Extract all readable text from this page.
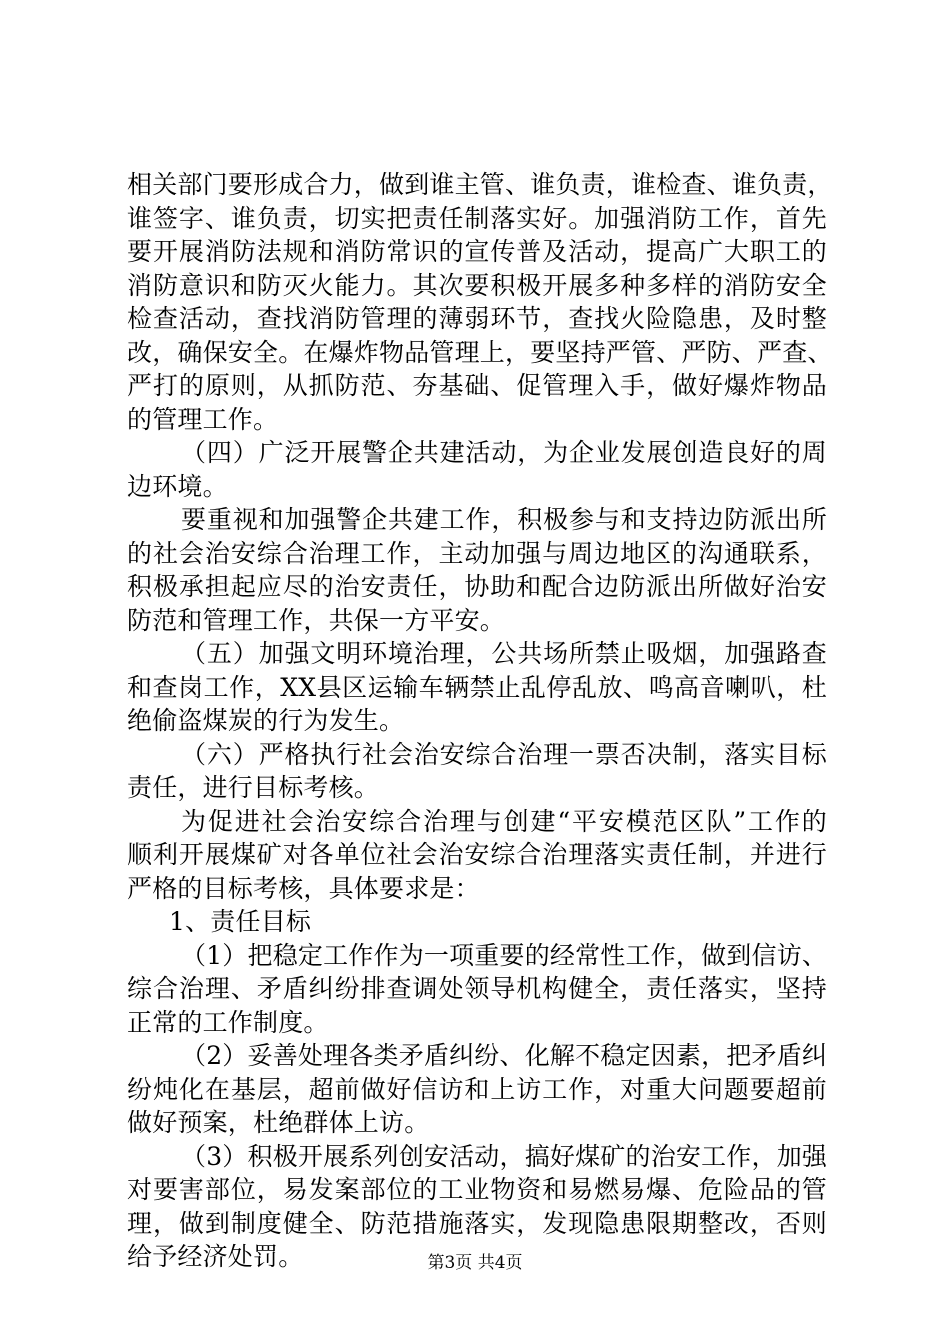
相关部门要形成合力，做到谁主管、谁负责，谁检查、谁负责，
谁签字、谁负责，切实把责任制落实好。加强消防工作，首先
要开展消防法规和消防常识的宣传普及活动，提高广大职工的
消防意识和防灭火能力。其次要积极开展多种多样的消防安全
检查活动，查找消防管理的薄弱环节，查找火险隐患，及时整
改，确保安全。在爆炸物品管理上，要坚持严管、严防、严查、
严打的原则，从抓防范、夯基础、促管理入手，做好爆炸物品
的管理工作。
（四）广泛开展警企共建活动，为企业发展创造良好的周
边环境。
要重视和加强警企共建工作，积极参与和支持边防派出所
的社会治安综合治理工作，主动加强与周边地区的沟通联系，
积极承担起应尽的治安责任，协助和配合边防派出所做好治安
防范和管理工作，共保一方平安。
（五）加强文明环境治理，公共场所禁止吸烟，加强路查
和查岗工作，XX县区运输车辆禁止乱停乱放、鸣高音喇叭，杜
绝偷盗煤炭的行为发生。
（六）严格执行社会治安综合治理一票否决制，落实目标
责任，进行目标考核。
为促进社会治安综合治理与创建“平安模范区队”工作的
顺利开展煤矿对各单位社会治安综合治理落实责任制，并进行
严格的目标考核，具体要求是：
1、责任目标
（1）把稳定工作作为一项重要的经常性工作，做到信访、
综合治理、矛盾纠纷排查调处领导机构健全，责任落实，坚持
正常的工作制度。
（2）妥善处理各类矛盾纠纷、化解不稳定因素，把矛盾纠
纷炖化在基层，超前做好信访和上访工作，对重大问题要超前
做好预案，杜绝群体上访。
（3）积极开展系列创安活动，搞好煤矿的治安工作，加强
对要害部位，易发案部位的工业物资和易燃易爆、危险品的管
理，做到制度健全、防范措施落实，发现隐患限期整改，否则
给予经济处罚。	第3页 共4页
